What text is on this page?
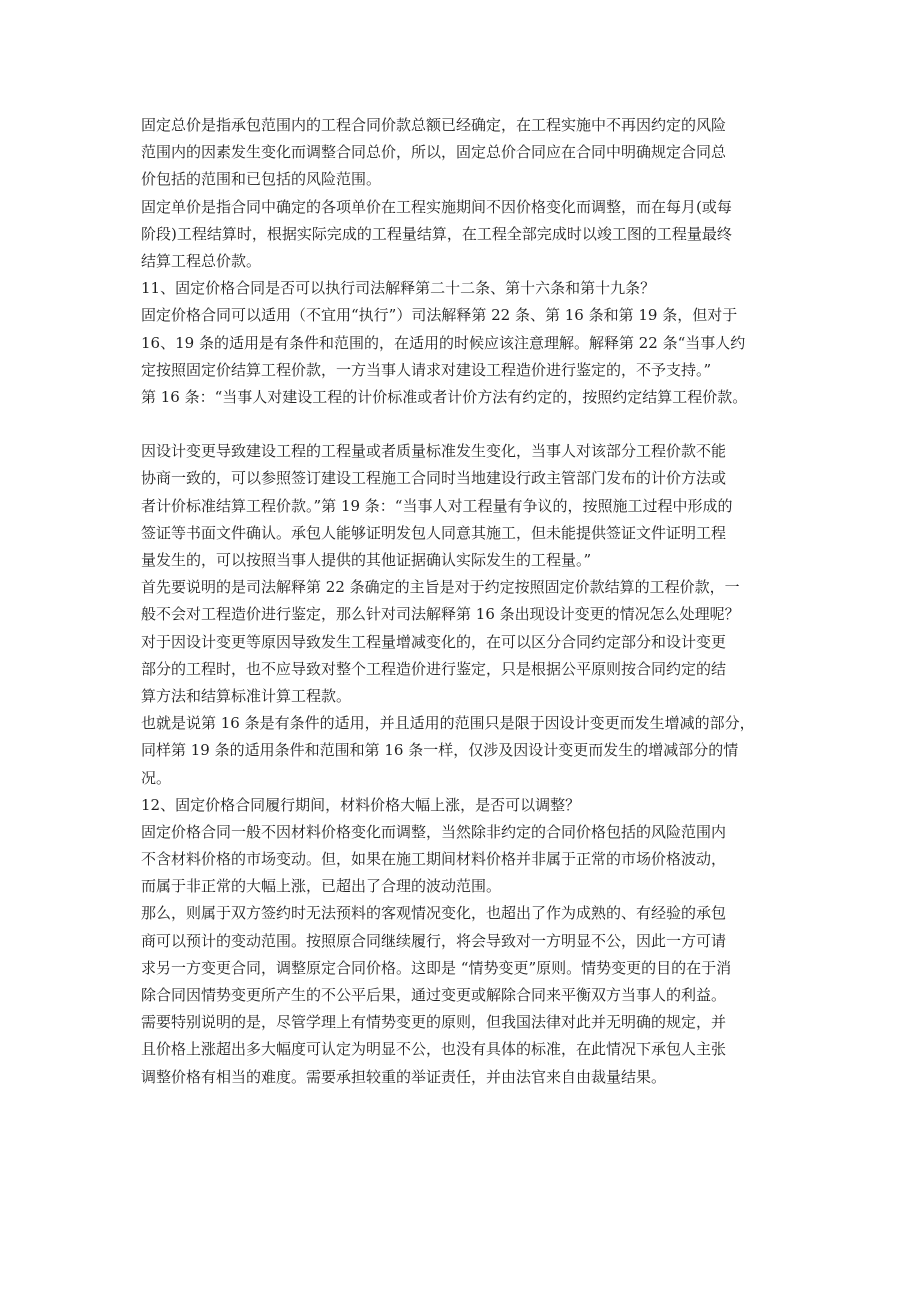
固定总价是指承包范围内的工程合同价款总额已经确定，在工程实施中不再因约定的风险
范围内的因素发生变化而调整合同总价，所以，固定总价合同应在合同中明确规定合同总
价包括的范围和已包括的风险范围。
固定单价是指合同中确定的各项单价在工程实施期间不因价格变化而调整，而在每月(或每
阶段)工程结算时，根据实际完成的工程量结算，在工程全部完成时以竣工图的工程量最终
结算工程总价款。
11、固定价格合同是否可以执行司法解释第二十二条、第十六条和第十九条？
固定价格合同可以适用（不宜用“执行”）司法解释第 22 条、第 16 条和第 19 条，但对于
16、19 条的适用是有条件和范围的，在适用的时候应该注意理解。解释第 22 条“当事人约
定按照固定价结算工程价款，一方当事人请求对建设工程造价进行鉴定的，不予支持。”
第 16 条：“当事人对建设工程的计价标准或者计价方法有约定的，按照约定结算工程价款。
因设计变更导致建设工程的工程量或者质量标准发生变化，当事人对该部分工程价款不能
协商一致的，可以参照签订建设工程施工合同时当地建设行政主管部门发布的计价方法或
者计价标准结算工程价款。”第 19 条：“当事人对工程量有争议的，按照施工过程中形成的
签证等书面文件确认。承包人能够证明发包人同意其施工，但未能提供签证文件证明工程
量发生的，可以按照当事人提供的其他证据确认实际发生的工程量。”
首先要说明的是司法解释第 22 条确定的主旨是对于约定按照固定价款结算的工程价款，一
般不会对工程造价进行鉴定，那么针对司法解释第 16 条出现设计变更的情况怎么处理呢？
对于因设计变更等原因导致发生工程量增减变化的，在可以区分合同约定部分和设计变更
部分的工程时，也不应导致对整个工程造价进行鉴定，只是根据公平原则按合同约定的结
算方法和结算标准计算工程款。
也就是说第 16 条是有条件的适用，并且适用的范围只是限于因设计变更而发生增减的部分，
同样第 19 条的适用条件和范围和第 16 条一样，仅涉及因设计变更而发生的增减部分的情
况。
12、固定价格合同履行期间，材料价格大幅上涨，是否可以调整？
固定价格合同一般不因材料价格变化而调整，当然除非约定的合同价格包括的风险范围内
不含材料价格的市场变动。但，如果在施工期间材料价格并非属于正常的市场价格波动，
而属于非正常的大幅上涨，已超出了合理的波动范围。
那么，则属于双方签约时无法预料的客观情况变化，也超出了作为成熟的、有经验的承包
商可以预计的变动范围。按照原合同继续履行，将会导致对一方明显不公，因此一方可请
求另一方变更合同，调整原定合同价格。这即是 “情势变更”原则。情势变更的目的在于消
除合同因情势变更所产生的不公平后果，通过变更或解除合同来平衡双方当事人的利益。
需要特别说明的是，尽管学理上有情势变更的原则，但我国法律对此并无明确的规定，并
且价格上涨超出多大幅度可认定为明显不公，也没有具体的标准，在此情况下承包人主张
调整价格有相当的难度。需要承担较重的举证责任，并由法官来自由裁量结果。
